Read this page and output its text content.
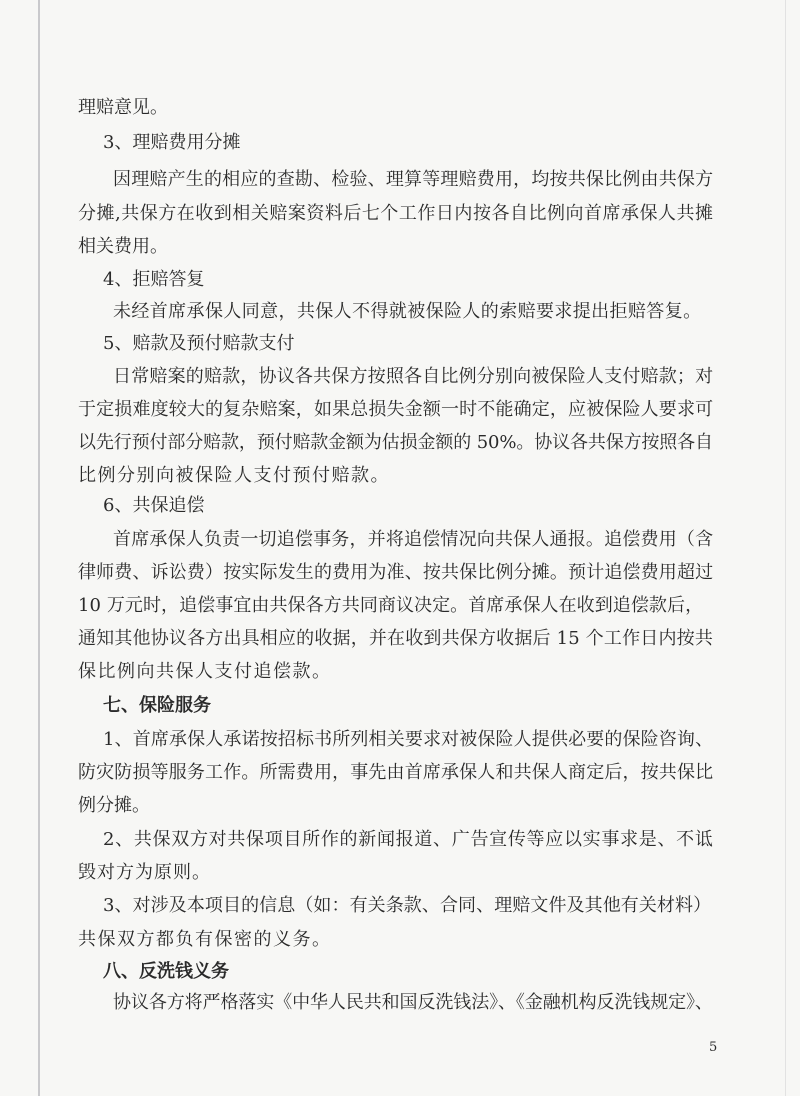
理赔意见。
3、理赔费用分摊
因理赔产生的相应的查勘、检验、理算等理赔费用，均按共保比例由共保方
分摊,共保方在收到相关赔案资料后七个工作日内按各自比例向首席承保人共摊
相关费用。
4、拒赔答复
未经首席承保人同意，共保人不得就被保险人的索赔要求提出拒赔答复。
5、赔款及预付赔款支付
日常赔案的赔款，协议各共保方按照各自比例分别向被保险人支付赔款；对
于定损难度较大的复杂赔案，如果总损失金额一时不能确定，应被保险人要求可
以先行预付部分赔款，预付赔款金额为估损金额的 50%。协议各共保方按照各自
比例分别向被保险人支付预付赔款。
6、共保追偿
首席承保人负责一切追偿事务，并将追偿情况向共保人通报。追偿费用（含
律师费、诉讼费）按实际发生的费用为准、按共保比例分摊。预计追偿费用超过
10 万元时，追偿事宜由共保各方共同商议决定。首席承保人在收到追偿款后，
通知其他协议各方出具相应的收据，并在收到共保方收据后 15 个工作日内按共
保比例向共保人支付追偿款。
七、保险服务
1、首席承保人承诺按招标书所列相关要求对被保险人提供必要的保险咨询、
防灾防损等服务工作。所需费用，事先由首席承保人和共保人商定后，按共保比
例分摊。
2、共保双方对共保项目所作的新闻报道、广告宣传等应以实事求是、不诋
毁对方为原则。
3、对涉及本项目的信息（如：有关条款、合同、理赔文件及其他有关材料）
共保双方都负有保密的义务。
八、反洗钱义务
协议各方将严格落实《中华人民共和国反洗钱法》、《金融机构反洗钱规定》、
5
